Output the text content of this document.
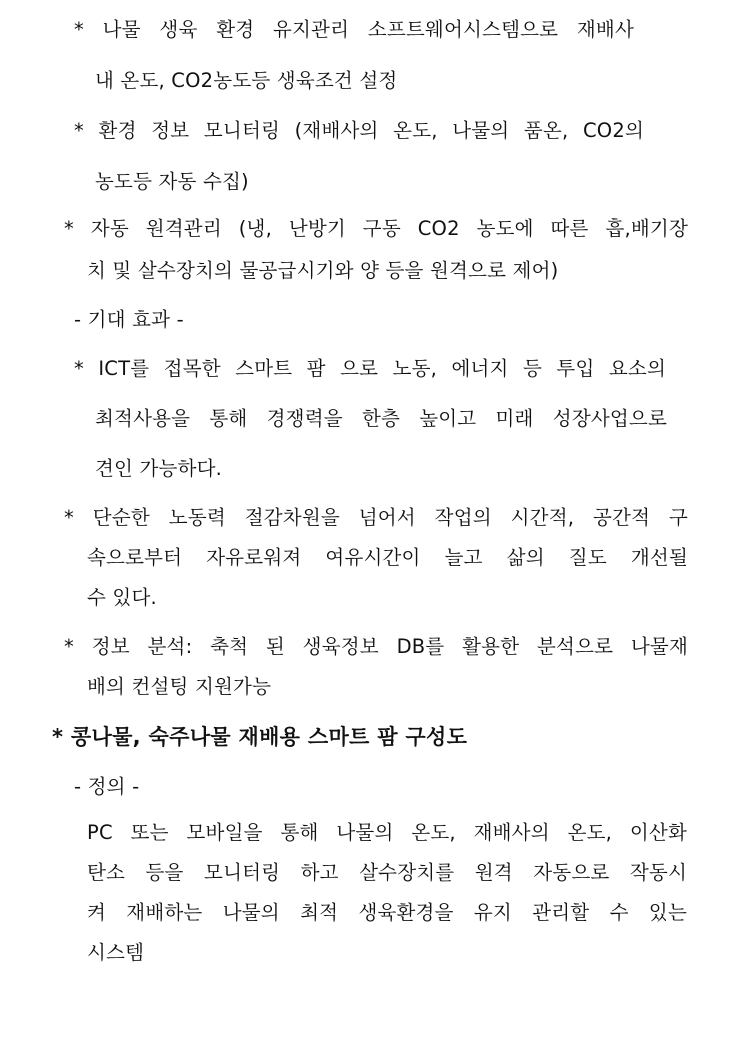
* 나물 생육 환경 유지관리 소프트웨어시스템으로 재배사
내 온도, CO2농도등 생육조건 설정
* 환경 정보 모니터링 (재배사의 온도, 나물의 품온, CO2의
농도등 자동 수집)
* 자동 원격관리 (냉, 난방기 구동 CO2 농도에 따른 흡,배기장
치 및 살수장치의 물공급시기와 양 등을 원격으로 제어)
- 기대 효과 -
* ICT를 접목한 스마트 팜 으로 노동, 에너지 등 투입 요소의
최적사용을 통해 경쟁력을 한층 높이고 미래 성장사업으로
견인 가능하다.
* 단순한 노동력 절감차원을 넘어서 작업의 시간적, 공간적 구
속으로부터 자유로워져 여유시간이 늘고 삶의 질도 개선될
수 있다.
* 정보 분석: 축척 된 생육정보 DB를 활용한 분석으로 나물재
배의 컨설팅 지원가능
* 콩나물, 숙주나물 재배용 스마트 팜 구성도
- 정의 -
PC 또는 모바일을 통해 나물의 온도, 재배사의 온도, 이산화
탄소 등을 모니터링 하고 살수장치를 원격 자동으로 작동시
켜 재배하는 나물의 최적 생육환경을 유지 관리할 수 있는
시스템
